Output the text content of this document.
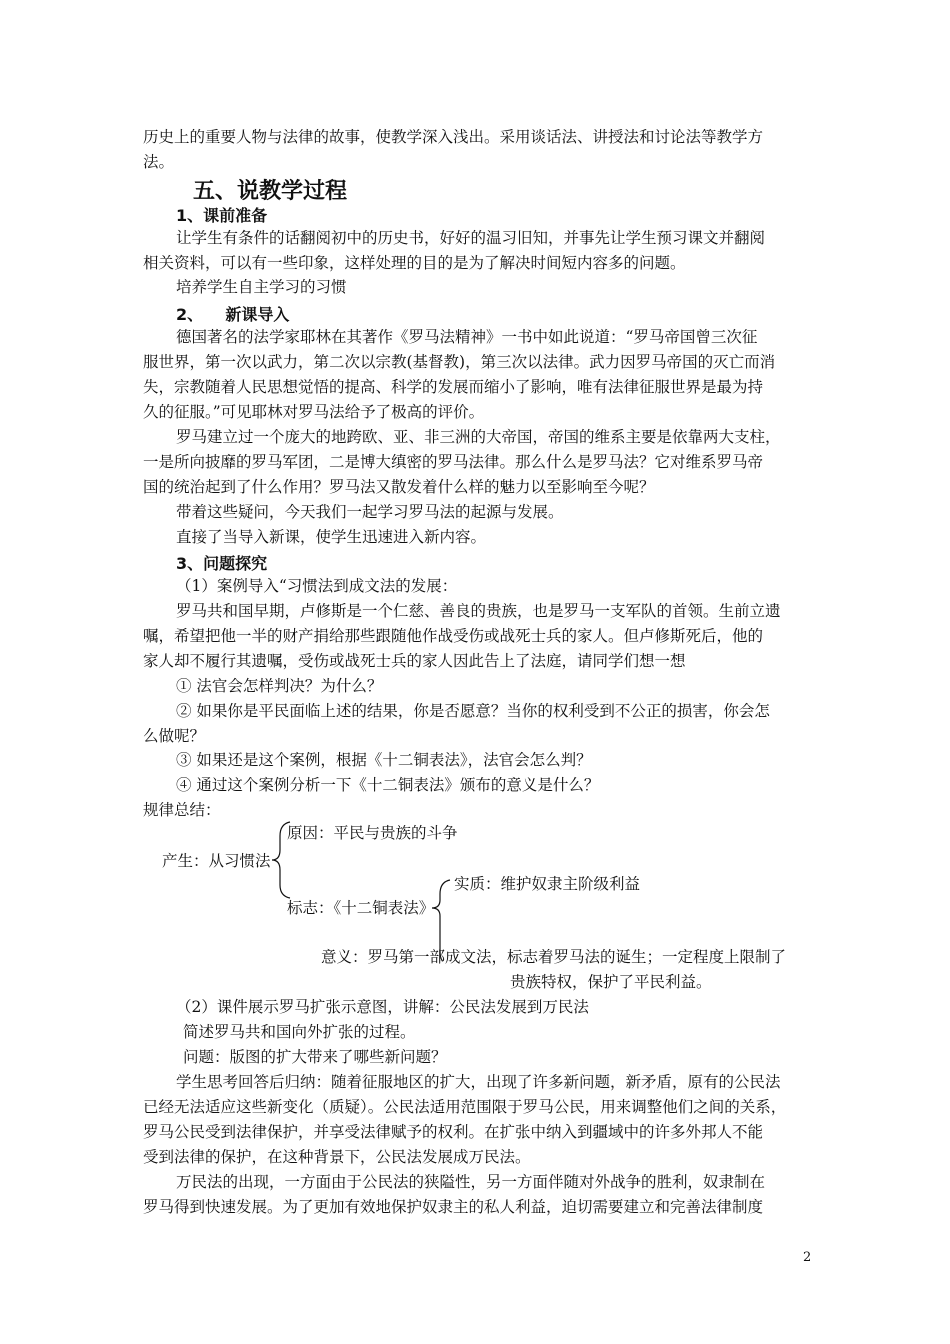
历史上的重要人物与法律的故事，使教学深入浅出。采用谈话法、讲授法和讨论法等教学方
法。
五、说教学过程
1、课前准备
让学生有条件的话翻阅初中的历史书，好好的温习旧知，并事先让学生预习课文并翻阅
相关资料，可以有一些印象，这样处理的目的是为了解决时间短内容多的问题。
培养学生自主学习的习惯
2、    新课导入
德国著名的法学家耶林在其著作《罗马法精神》一书中如此说道：“罗马帝国曾三次征
服世界，第一次以武力，第二次以宗教(基督教)，第三次以法律。武力因罗马帝国的灭亡而消
失，宗教随着人民思想觉悟的提高、科学的发展而缩小了影响，唯有法律征服世界是最为持
久的征服。”可见耶林对罗马法给予了极高的评价。
罗马建立过一个庞大的地跨欧、亚、非三洲的大帝国，帝国的维系主要是依靠两大支柱，
一是所向披靡的罗马军团，二是博大缜密的罗马法律。那么什么是罗马法？它对维系罗马帝
国的统治起到了什么作用？罗马法又散发着什么样的魅力以至影响至今呢？
带着这些疑问，今天我们一起学习罗马法的起源与发展。
直接了当导入新课，使学生迅速进入新内容。
3、问题探究
（1）案例导入“习惯法到成文法的发展：
罗马共和国早期，卢修斯是一个仁慈、善良的贵族，也是罗马一支军队的首领。生前立遗
嘱，希望把他一半的财产捐给那些跟随他作战受伤或战死士兵的家人。但卢修斯死后，他的
家人却不履行其遗嘱，受伤或战死士兵的家人因此告上了法庭，请同学们想一想
① 法官会怎样判决？为什么？
② 如果你是平民面临上述的结果，你是否愿意？当你的权利受到不公正的损害，你会怎
么做呢？
③ 如果还是这个案例，根据《十二铜表法》，法官会怎么判？
④ 通过这个案例分析一下《十二铜表法》颁布的意义是什么？
规律总结：
产生：从习惯法
原因：平民与贵族的斗争
实质：维护奴隶主阶级利益
标志：《十二铜表法》
意义：罗马第一部成文法，标志着罗马法的诞生；一定程度上限制了
贵族特权，保护了平民利益。
（2）课件展示罗马扩张示意图，讲解：公民法发展到万民法
简述罗马共和国向外扩张的过程。
问题：版图的扩大带来了哪些新问题？
学生思考回答后归纳：随着征服地区的扩大，出现了许多新问题，新矛盾，原有的公民法
已经无法适应这些新变化（质疑）。公民法适用范围限于罗马公民，用来调整他们之间的关系，
罗马公民受到法律保护，并享受法律赋予的权利。在扩张中纳入到疆域中的许多外邦人不能
受到法律的保护，在这种背景下，公民法发展成万民法。
万民法的出现，一方面由于公民法的狭隘性，另一方面伴随对外战争的胜利，奴隶制在
罗马得到快速发展。为了更加有效地保护奴隶主的私人利益，迫切需要建立和完善法律制度
2
